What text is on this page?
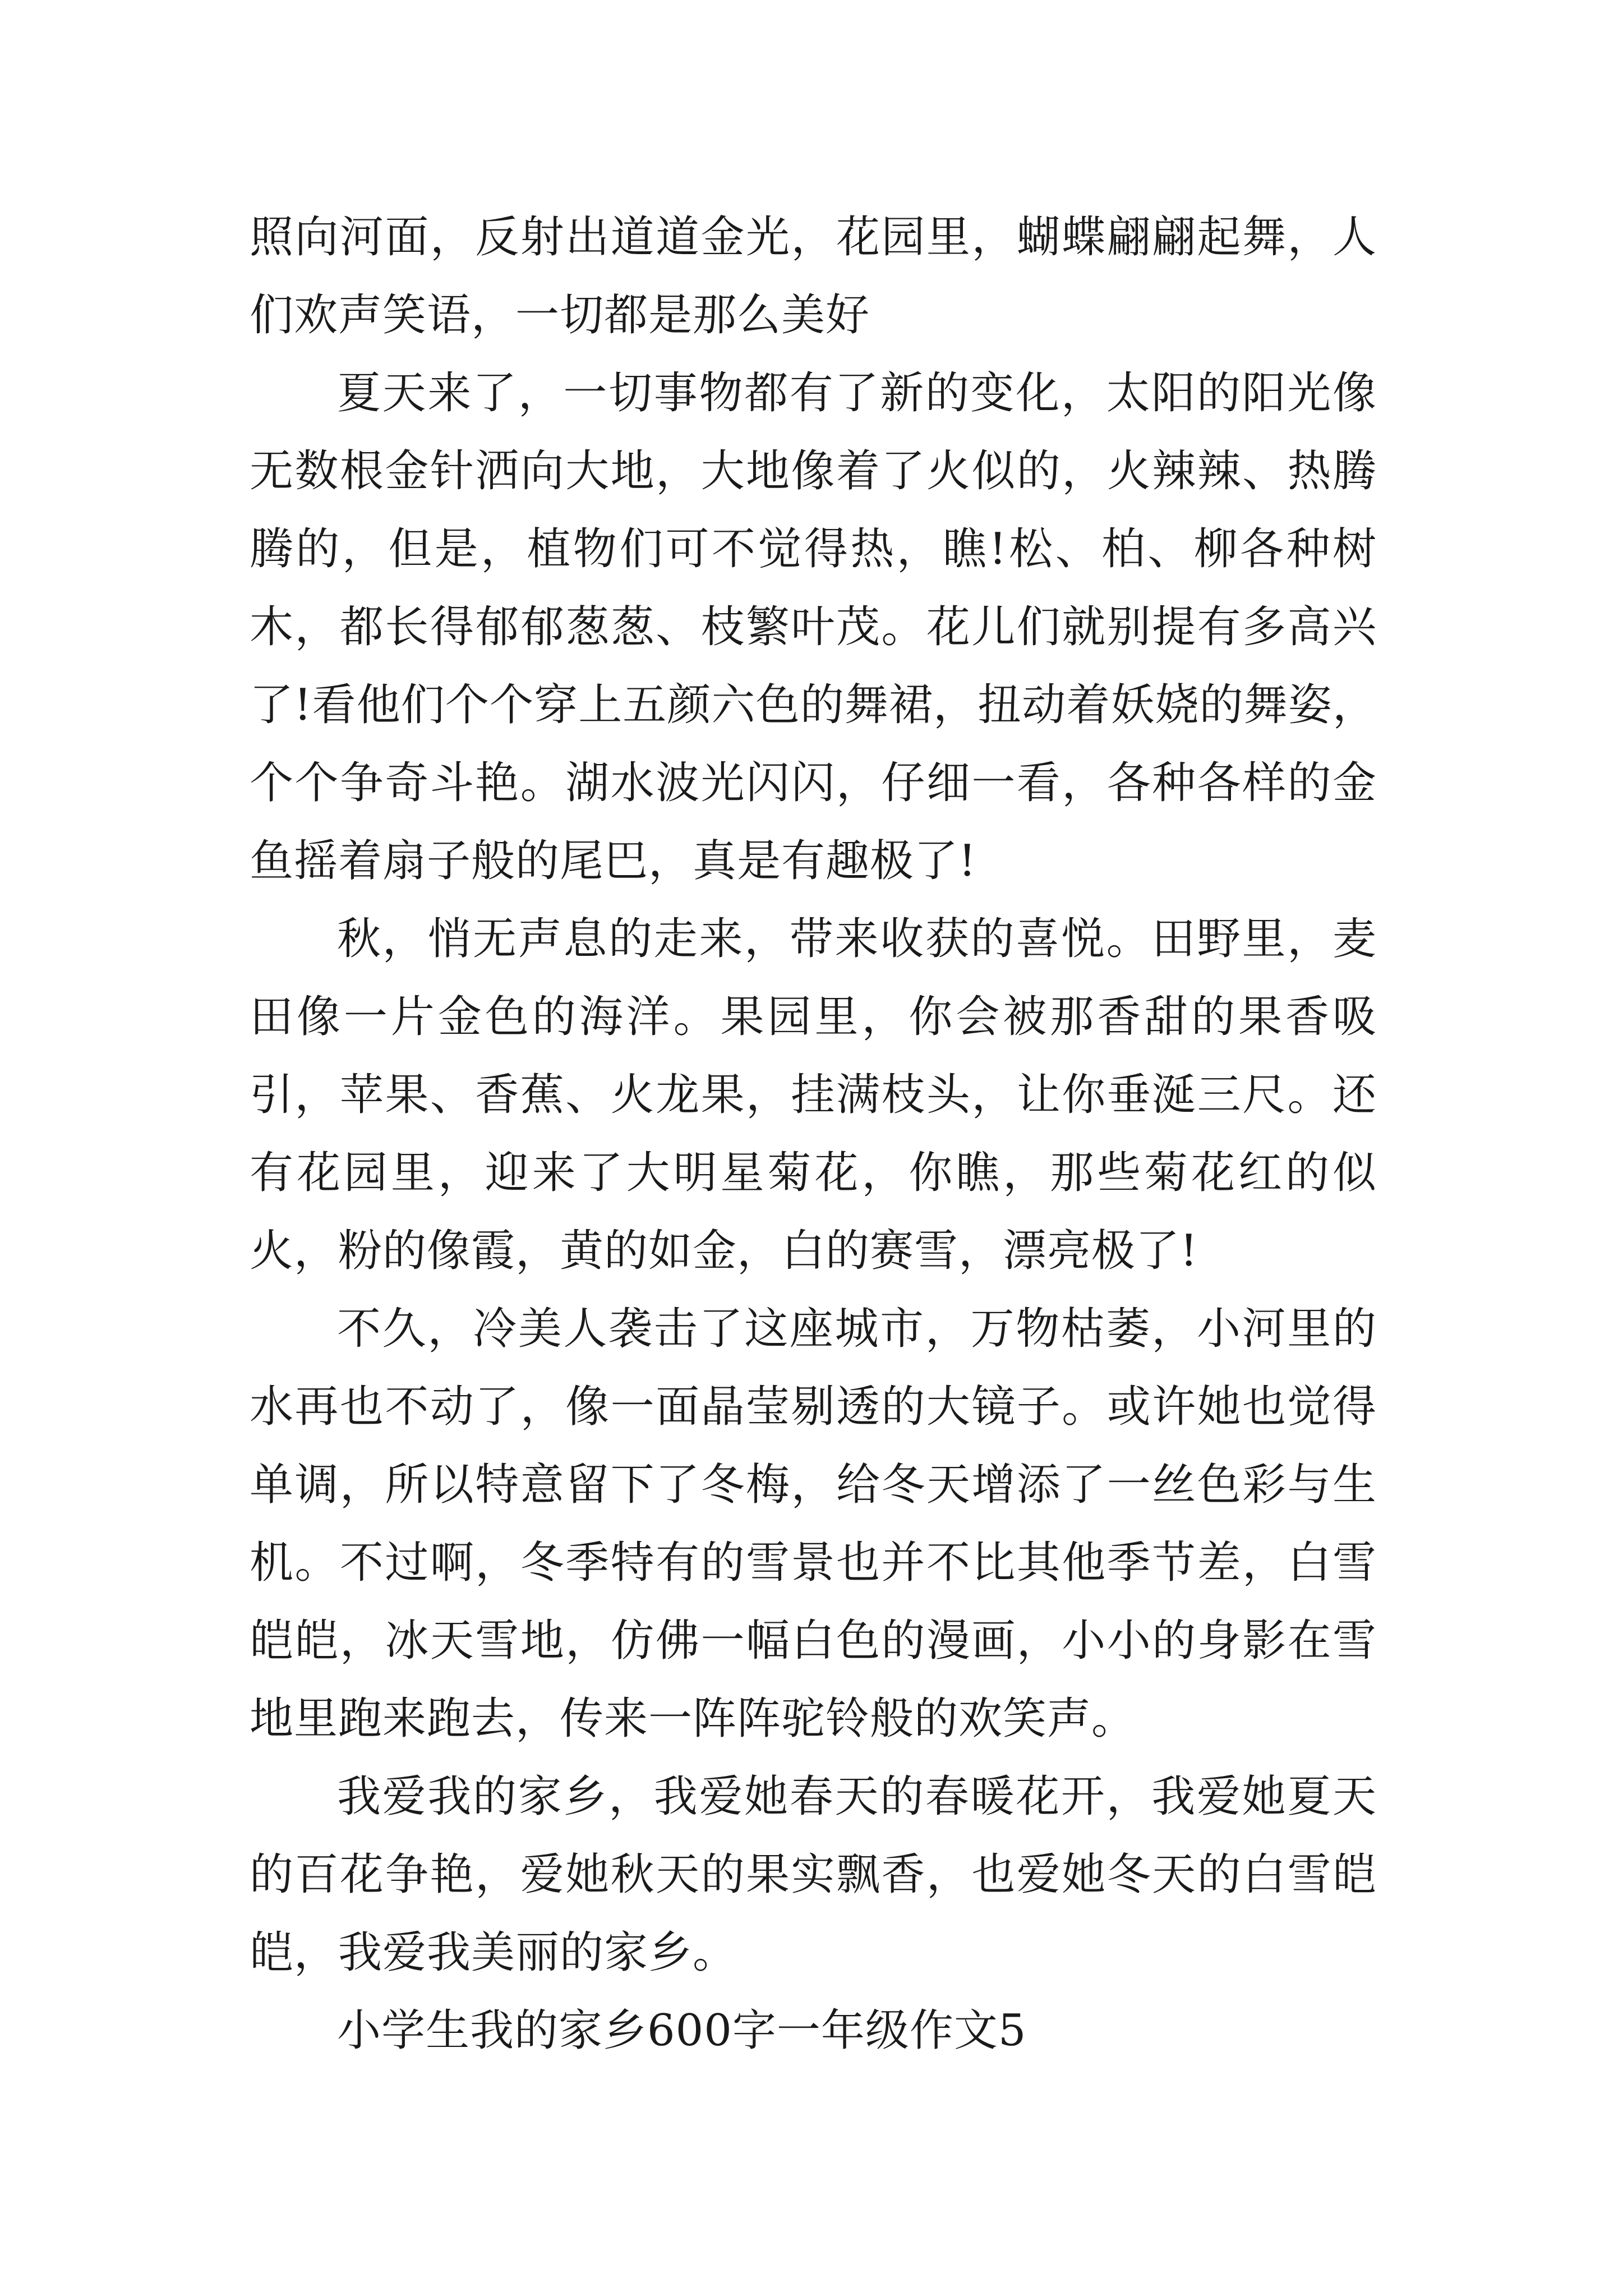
照向河面，反射出道道金光，花园里，蝴蝶翩翩起舞，人们欢声笑语，一切都是那么美好

夏天来了，一切事物都有了新的变化，太阳的阳光像无数根金针洒向大地，大地像着了火似的，火辣辣、热腾腾的，但是，植物们可不觉得热，瞧!松、柏、柳各种树木，都长得郁郁葱葱、枝繁叶茂。花儿们就别提有多高兴了!看他们个个穿上五颜六色的舞裙，扭动着妖娆的舞姿，个个争奇斗艳。湖水波光闪闪，仔细一看，各种各样的金鱼摇着扇子般的尾巴，真是有趣极了!

秋，悄无声息的走来，带来收获的喜悦。田野里，麦田像一片金色的海洋。果园里，你会被那香甜的果香吸引，苹果、香蕉、火龙果，挂满枝头，让你垂涎三尺。还有花园里，迎来了大明星菊花，你瞧，那些菊花红的似火，粉的像霞，黄的如金，白的赛雪，漂亮极了!

不久，冷美人袭击了这座城市，万物枯萎，小河里的水再也不动了，像一面晶莹剔透的大镜子。或许她也觉得单调，所以特意留下了冬梅，给冬天增添了一丝色彩与生机。不过啊，冬季特有的雪景也并不比其他季节差，白雪皑皑，冰天雪地，仿佛一幅白色的漫画，小小的身影在雪地里跑来跑去，传来一阵阵驼铃般的欢笑声。

我爱我的家乡，我爱她春天的春暖花开，我爱她夏天的百花争艳，爱她秋天的果实飘香，也爱她冬天的白雪皑皑，我爱我美丽的家乡。

小学生我的家乡600字一年级作文5
